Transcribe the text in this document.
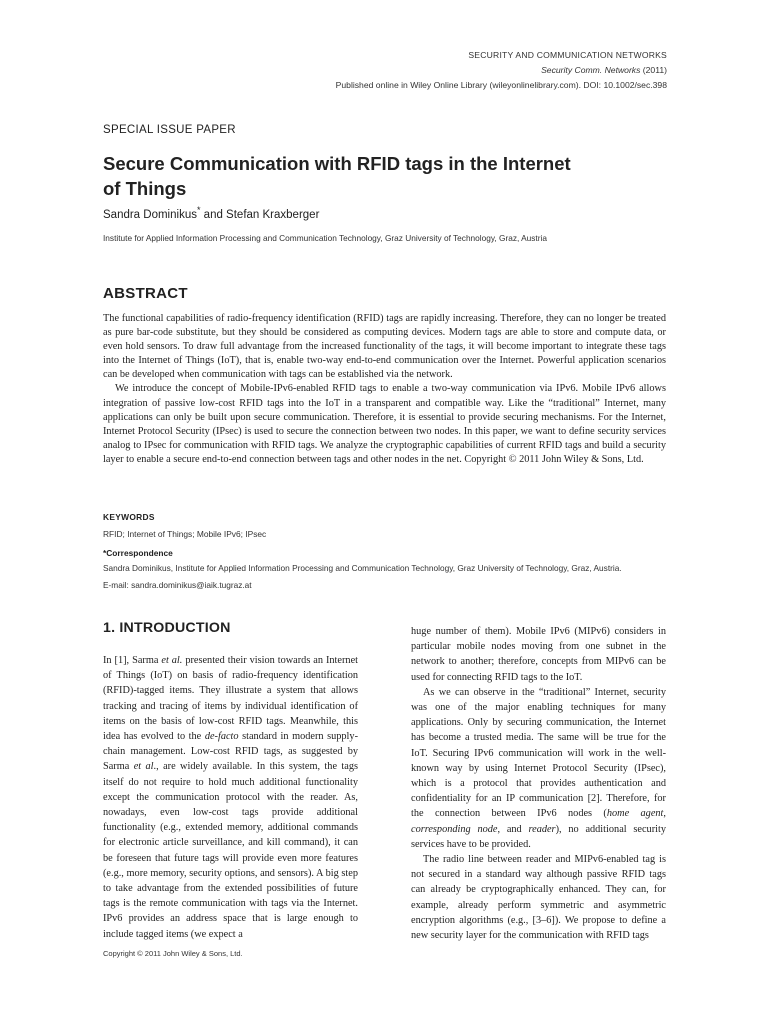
SECURITY AND COMMUNICATION NETWORKS
Security Comm. Networks (2011)
Published online in Wiley Online Library (wileyonlinelibrary.com). DOI: 10.1002/sec.398
SPECIAL ISSUE PAPER
Secure Communication with RFID tags in the Internet
of Things
Sandra Dominikus* and Stefan Kraxberger
Institute for Applied Information Processing and Communication Technology, Graz University of Technology, Graz, Austria
ABSTRACT

The functional capabilities of radio-frequency identification (RFID) tags are rapidly increasing. Therefore, they can no longer be treated as pure bar-code substitute, but they should be considered as computing devices. Modern tags are able to store and compute data, or even hold sensors. To draw full advantage from the increased functionality of the tags, it will become important to integrate these tags into the Internet of Things (IoT), that is, enable two-way end-to-end communication over the Internet. Powerful application scenarios can be developed when communication with tags can be established via the network.

We introduce the concept of Mobile-IPv6-enabled RFID tags to enable a two-way communication via IPv6. Mobile IPv6 allows integration of passive low-cost RFID tags into the IoT in a transparent and compatible way. Like the “traditional” Internet, many applications can only be built upon secure communication. Therefore, it is essential to provide securing mechanisms. For the Internet, Internet Protocol Security (IPsec) is used to secure the connection between two nodes. In this paper, we want to define security services analog to IPsec for communication with RFID tags. We analyze the cryptographic capabilities of current RFID tags and build a security layer to enable a secure end-to-end connection between tags and other nodes in the net. Copyright © 2011 John Wiley & Sons, Ltd.

KEYWORDS
RFID; Internet of Things; Mobile IPv6; IPsec
*Correspondence
Sandra Dominikus, Institute for Applied Information Processing and Communication Technology, Graz University of Technology, Graz, Austria.
E-mail: sandra.dominikus@iaik.tugraz.at
1. INTRODUCTION

In [1], Sarma et al. presented their vision towards an Internet of Things (IoT) on basis of radio-frequency identification (RFID)-tagged items. They illustrate a system that allows tracking and tracing of items by individual identification of items on the basis of low-cost RFID tags. Meanwhile, this idea has evolved to the de-facto standard in modern supply-chain management. Low-cost RFID tags, as suggested by Sarma et al., are widely available. In this system, the tags itself do not require to hold much additional functionality except the communication protocol with the reader. As, nowadays, even low-cost tags provide additional functionality (e.g., extended memory, additional commands for electronic article surveillance, and kill command), it can be foreseen that future tags will provide even more features (e.g., more memory, security options, and sensors). A big step to take advantage from the extended possibilities of future tags is the remote communication with tags via the Internet. IPv6 provides an address space that is large enough to include tagged items (we expect a

huge number of them). Mobile IPv6 (MIPv6) considers in particular mobile nodes moving from one subnet in the network to another; therefore, concepts from MIPv6 can be used for connecting RFID tags to the IoT.

As we can observe in the “traditional” Internet, security was one of the major enabling techniques for many applications. Only by securing communication, the Internet has become a trusted media. The same will be true for the IoT. Securing IPv6 communication will work in the well-known way by using Internet Protocol Security (IPsec), which is a protocol that provides authentication and confidentiality for an IP communication [2]. Therefore, for the connection between IPv6 nodes (home agent, corresponding node, and reader), no additional security services have to be provided.

The radio line between reader and MIPv6-enabled tag is not secured in a standard way although passive RFID tags can already be cryptographically enhanced. They can, for example, already perform symmetric and asymmetric encryption algorithms (e.g., [3–6]). We propose to define a new security layer for the communication with RFID tags

Copyright © 2011 John Wiley & Sons, Ltd.
